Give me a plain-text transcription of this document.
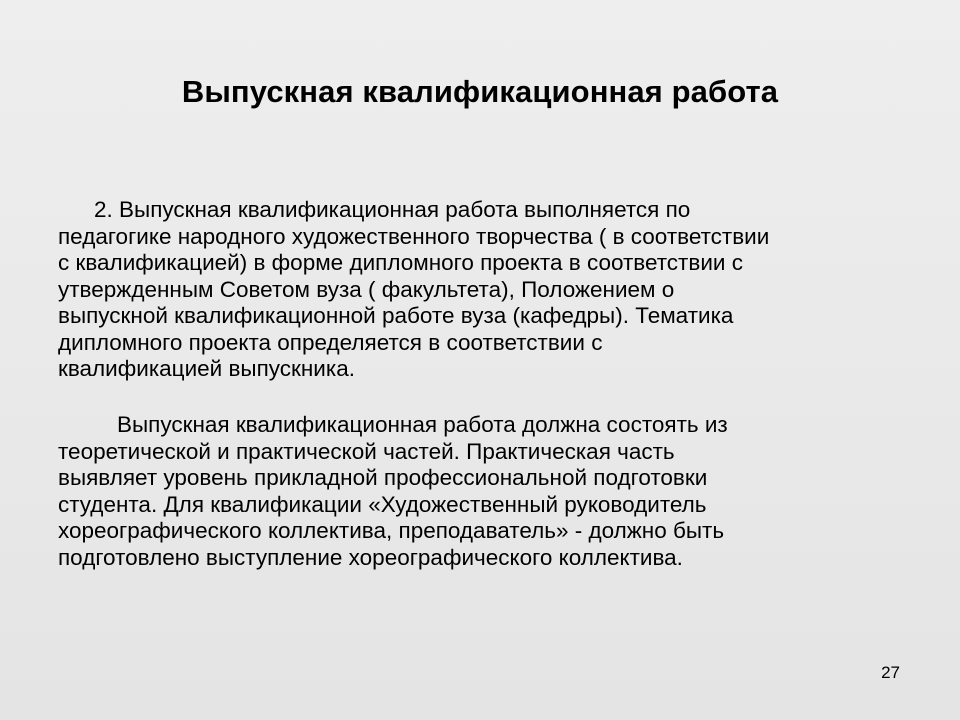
Выпускная квалификационная работа
2. Выпускная квалификационная работа выполняется по
педагогике народного художественного творчества ( в соответствии
с квалификацией) в форме дипломного проекта в соответствии с
утвержденным Советом вуза ( факультета), Положением о
выпускной квалификационной работе вуза (кафедры). Тематика
дипломного проекта определяется в соответствии с
квалификацией выпускника.
Выпускная квалификационная работа должна состоять из
теоретической и практической частей. Практическая часть
выявляет уровень прикладной профессиональной подготовки
студента. Для квалификации «Художественный руководитель
хореографического коллектива, преподаватель» - должно быть
подготовлено выступление хореографического коллектива.
27
